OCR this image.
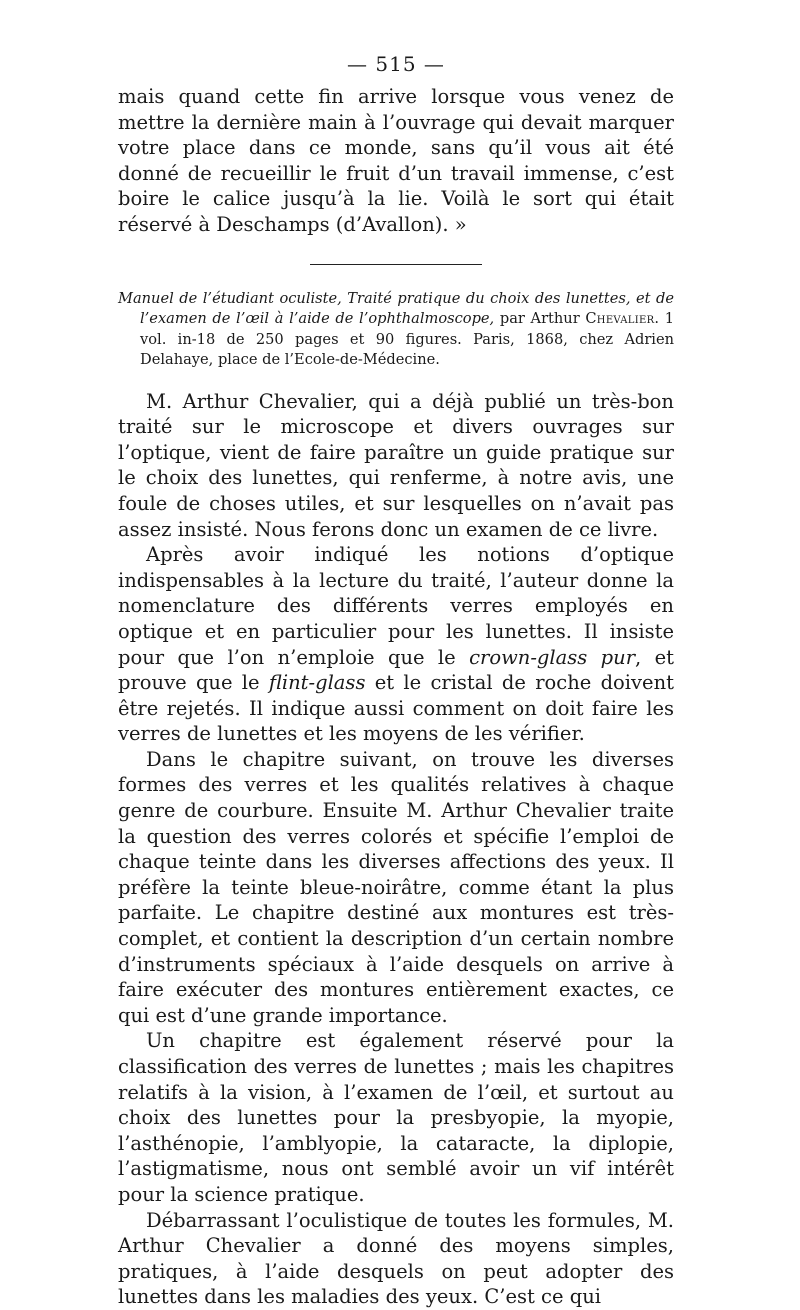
— 515 —

mais quand cette fin arrive lorsque vous venez de mettre la dernière main à l’ouvrage qui devait marquer votre place dans ce monde, sans qu’il vous ait été donné de recueillir le fruit d’un travail immense, c’est boire le calice jusqu’à la lie. Voilà le sort qui était réservé à Deschamps (d’Avallon). »

Manuel de l’étudiant oculiste, Traité pratique du choix des lunettes, et de l’examen de l’œil à l’aide de l’ophthalmoscope, par Arthur Chevalier. 1 vol. in-18 de 250 pages et 90 figures. Paris, 1868, chez Adrien Delahaye, place de l’Ecole-de-Médecine.

M. Arthur Chevalier, qui a déjà publié un très-bon traité sur le microscope et divers ouvrages sur l’optique, vient de faire paraître un guide pratique sur le choix des lunettes, qui renferme, à notre avis, une foule de choses utiles, et sur lesquelles on n’avait pas assez insisté. Nous ferons donc un examen de ce livre.

Après avoir indiqué les notions d’optique indispensables à la lecture du traité, l’auteur donne la nomenclature des différents verres employés en optique et en particulier pour les lunettes. Il insiste pour que l’on n’emploie que le crown-glass pur, et prouve que le flint-glass et le cristal de roche doivent être rejetés. Il indique aussi comment on doit faire les verres de lunettes et les moyens de les vérifier.

Dans le chapitre suivant, on trouve les diverses formes des verres et les qualités relatives à chaque genre de courbure. Ensuite M. Arthur Chevalier traite la question des verres colorés et spécifie l’emploi de chaque teinte dans les diverses affections des yeux. Il préfère la teinte bleue-noirâtre, comme étant la plus parfaite. Le chapitre destiné aux montures est très-complet, et contient la description d’un certain nombre d’instruments spéciaux à l’aide desquels on arrive à faire exécuter des montures entièrement exactes, ce qui est d’une grande importance.

Un chapitre est également réservé pour la classification des verres de lunettes ; mais les chapitres relatifs à la vision, à l’examen de l’œil, et surtout au choix des lunettes pour la presbyopie, la myopie, l’asthénopie, l’amblyopie, la cataracte, la diplopie, l’astigmatisme, nous ont semblé avoir un vif intérêt pour la science pratique.

Débarrassant l’oculistique de toutes les formules, M. Arthur Chevalier a donné des moyens simples, pratiques, à l’aide desquels on peut adopter des lunettes dans les maladies des yeux. C’est ce qui
